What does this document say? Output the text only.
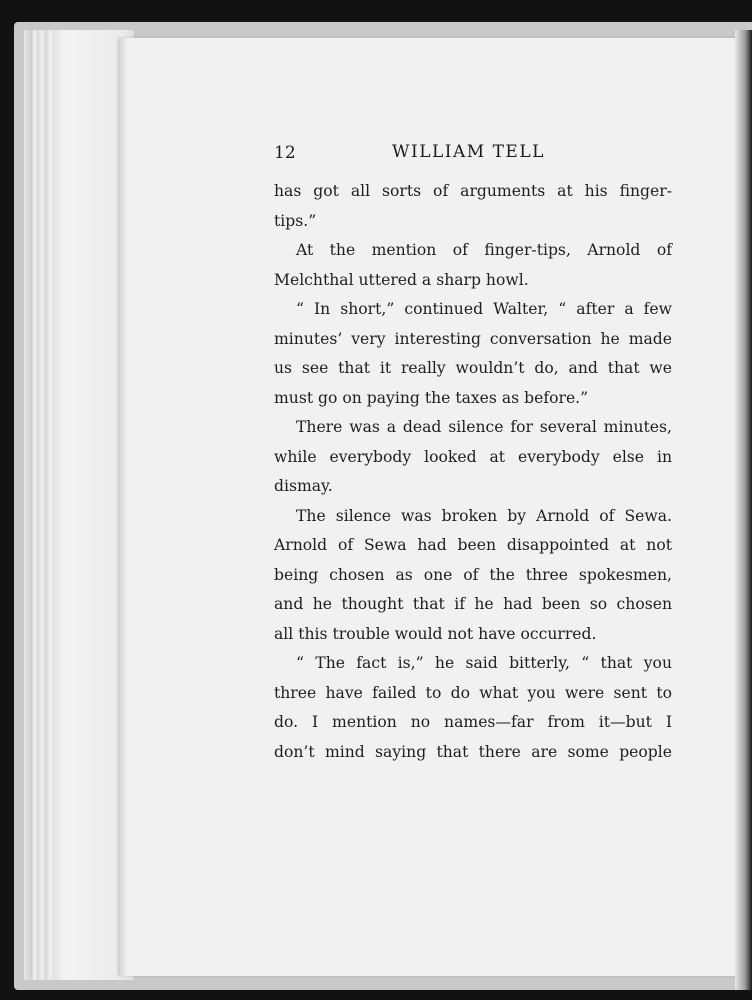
12	WILLIAM TELL
has got all sorts of arguments at his finger-
tips.”
At the mention of finger-tips, Arnold of
Melchthal uttered a sharp howl.
“ In short,” continued Walter, “ after a few
minutes’ very interesting conversation he made
us see that it really wouldn’t do, and that we
must go on paying the taxes as before.”
There was a dead silence for several minutes,
while everybody looked at everybody else in
dismay.
The silence was broken by Arnold of Sewa.
Arnold of Sewa had been disappointed at not
being chosen as one of the three spokesmen,
and he thought that if he had been so chosen
all this trouble would not have occurred.
“ The fact is,” he said bitterly, “ that you
three have failed to do what you were sent to
do. I mention no names—far from it—but I
don’t mind saying that there are some people
